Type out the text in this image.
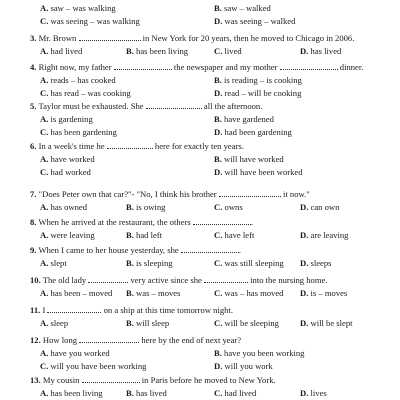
A. saw – was walking	B. saw – walked
C. was seeing – was walking	D. was seeing – walked
3. Mr. Brown	in New York for 20 years, then he moved to Chicago in 2006.
A. had lived	B. has been living	C. lived	D. has lived
4. Right now, my father	the newspaper and my mother	dinner.
A. reads – has cooked	B. is reading – is cooking
C. has read – was cooking	D. read – will be cooking
5. Taylor must be exhausted. She	all the afternoon.
A. is gardening	B. have gardened
C. has been gardening	D. had been gardening
6. In a week's time he	here for exactly ten years.
A. have worked	B. will have worked
C. had worked	D. will have been worked
7. "Does Peter own that car?"- "No, I think his brother	it now."
A. has owned	B. is owing	C. owns	D. can own
8. When he arrived at the restaurant, the others	.
A. were leaving	B. had left	C. have left	D. are leaving
9. When I came to her house yesterday, she	.
A. slept	B. is sleeping	C. was still sleeping D. sleeps
10. The old lady	very active since she	into the nursing home.
A. has been – moved B. was – moves	C. was – has moved D. is – moves
11. I	on a ship at this time tomorrow night.
A. sleep	B. will sleep	C. will be sleeping D. will be slept
12. How long	here by the end of next year?
A. have you worked	B. have you been working
C. will you have been working	D. will you work
13. My cousin	in Paris before he moved to New York.
A. has been living	B. has lived	C. had lived	D. lives
